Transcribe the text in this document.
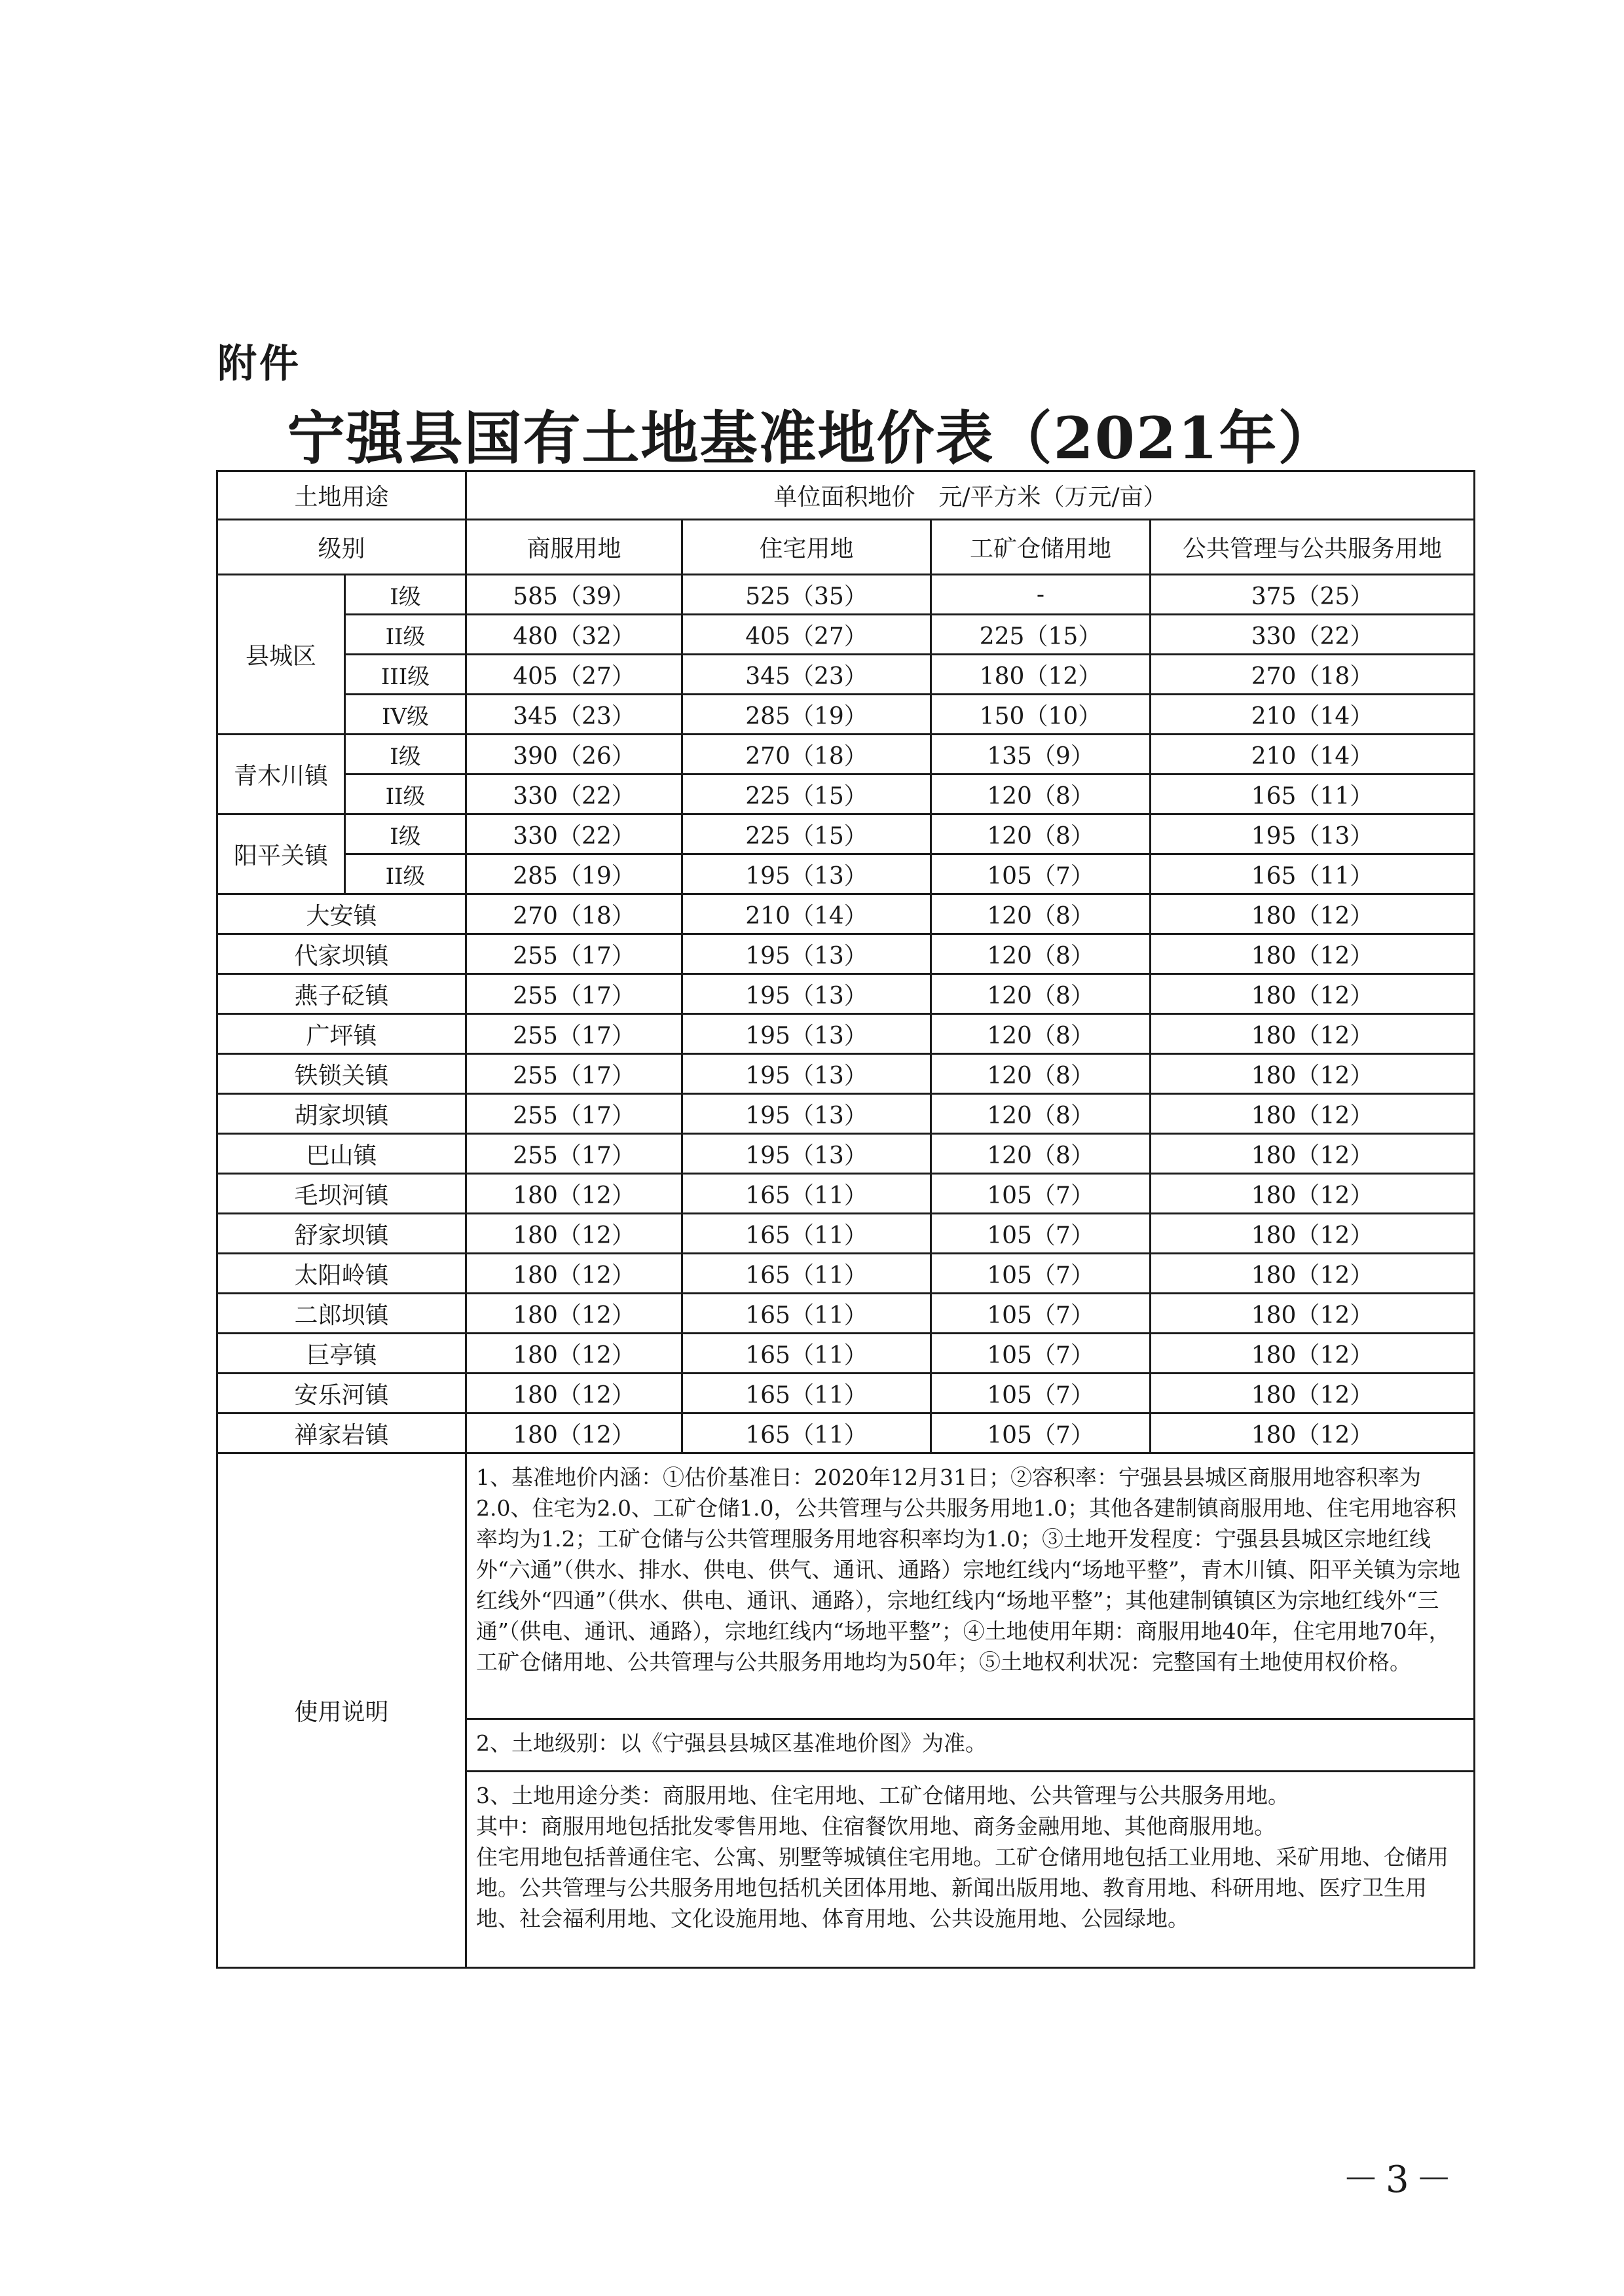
附件
宁强县国有土地基准地价表（2021年）
土地用途		单位面积地价　元/平方米（万元/亩）			
级别		商服用地	住宅用地	工矿仓储用地	公共管理与公共服务用地
县城区	I级	585（39）	525（35）	-	375（25）
	II级	480（32）	405（27）	225（15）	330（22）
	III级	405（27）	345（23）	180（12）	270（18）
	IV级	345（23）	285（19）	150（10）	210（14）
青木川镇	I级	390（26）	270（18）	135（9）	210（14）
	II级	330（22）	225（15）	120（8）	165（11）
阳平关镇	I级	330（22）	225（15）	120（8）	195（13）
	II级	285（19）	195（13）	105（7）	165（11）
大安镇		270（18）	210（14）	120（8）	180（12）
代家坝镇		255（17）	195（13）	120（8）	180（12）
燕子砭镇		255（17）	195（13）	120（8）	180（12）
广坪镇		255（17）	195（13）	120（8）	180（12）
铁锁关镇		255（17）	195（13）	120（8）	180（12）
胡家坝镇		255（17）	195（13）	120（8）	180（12）
巴山镇		255（17）	195（13）	120（8）	180（12）
毛坝河镇		180（12）	165（11）	105（7）	180（12）
舒家坝镇		180（12）	165（11）	105（7）	180（12）
太阳岭镇		180（12）	165（11）	105（7）	180（12）
二郎坝镇		180（12）	165（11）	105（7）	180（12）
巨亭镇		180（12）	165（11）	105（7）	180（12）
安乐河镇		180（12）	165（11）	105（7）	180（12）
禅家岩镇		180（12）	165（11）	105（7）	180（12）
使用说明		1、基准地价内涵：①估价基准日：2020年12月31日；②容积率：宁强县县城区商服用地容积率为2.0、住宅为2.0、工矿仓储1.0，公共管理与公共服务用地1.0；其他各建制镇商服用地、住宅用地容积率均为1.2；工矿仓储与公共管理服务用地容积率均为1.0；③土地开发程度：宁强县县城区宗地红线外“六通”（供水、排水、供电、供气、通讯、通路）宗地红线内“场地平整”，青木川镇、阳平关镇为宗地红线外“四通”（供水、供电、通讯、通路），宗地红线内“场地平整”；其他建制镇镇区为宗地红线外“三通”（供电、通讯、通路），宗地红线内“场地平整”；④土地使用年期：商服用地40年，住宅用地70年，工矿仓储用地、公共管理与公共服务用地均为50年；⑤土地权利状况：完整国有土地使用权价格。			
		2、土地级别：以《宁强县县城区基准地价图》为准。			

		3、土地用途分类：商服用地、住宅用地、工矿仓储用地、公共管理与公共服务用地。

其中：商服用地包括批发零售用地、住宿餐饮用地、商务金融用地、其他商服用地。

住宅用地包括普通住宅、公寓、别墅等城镇住宅用地。工矿仓储用地包括工业用地、采矿用地、仓储用地。公共管理与公共服务用地包括机关团体用地、新闻出版用地、教育用地、科研用地、医疗卫生用地、社会福利用地、文化设施用地、体育用地、公共设施用地、公园绿地。			

－3－
